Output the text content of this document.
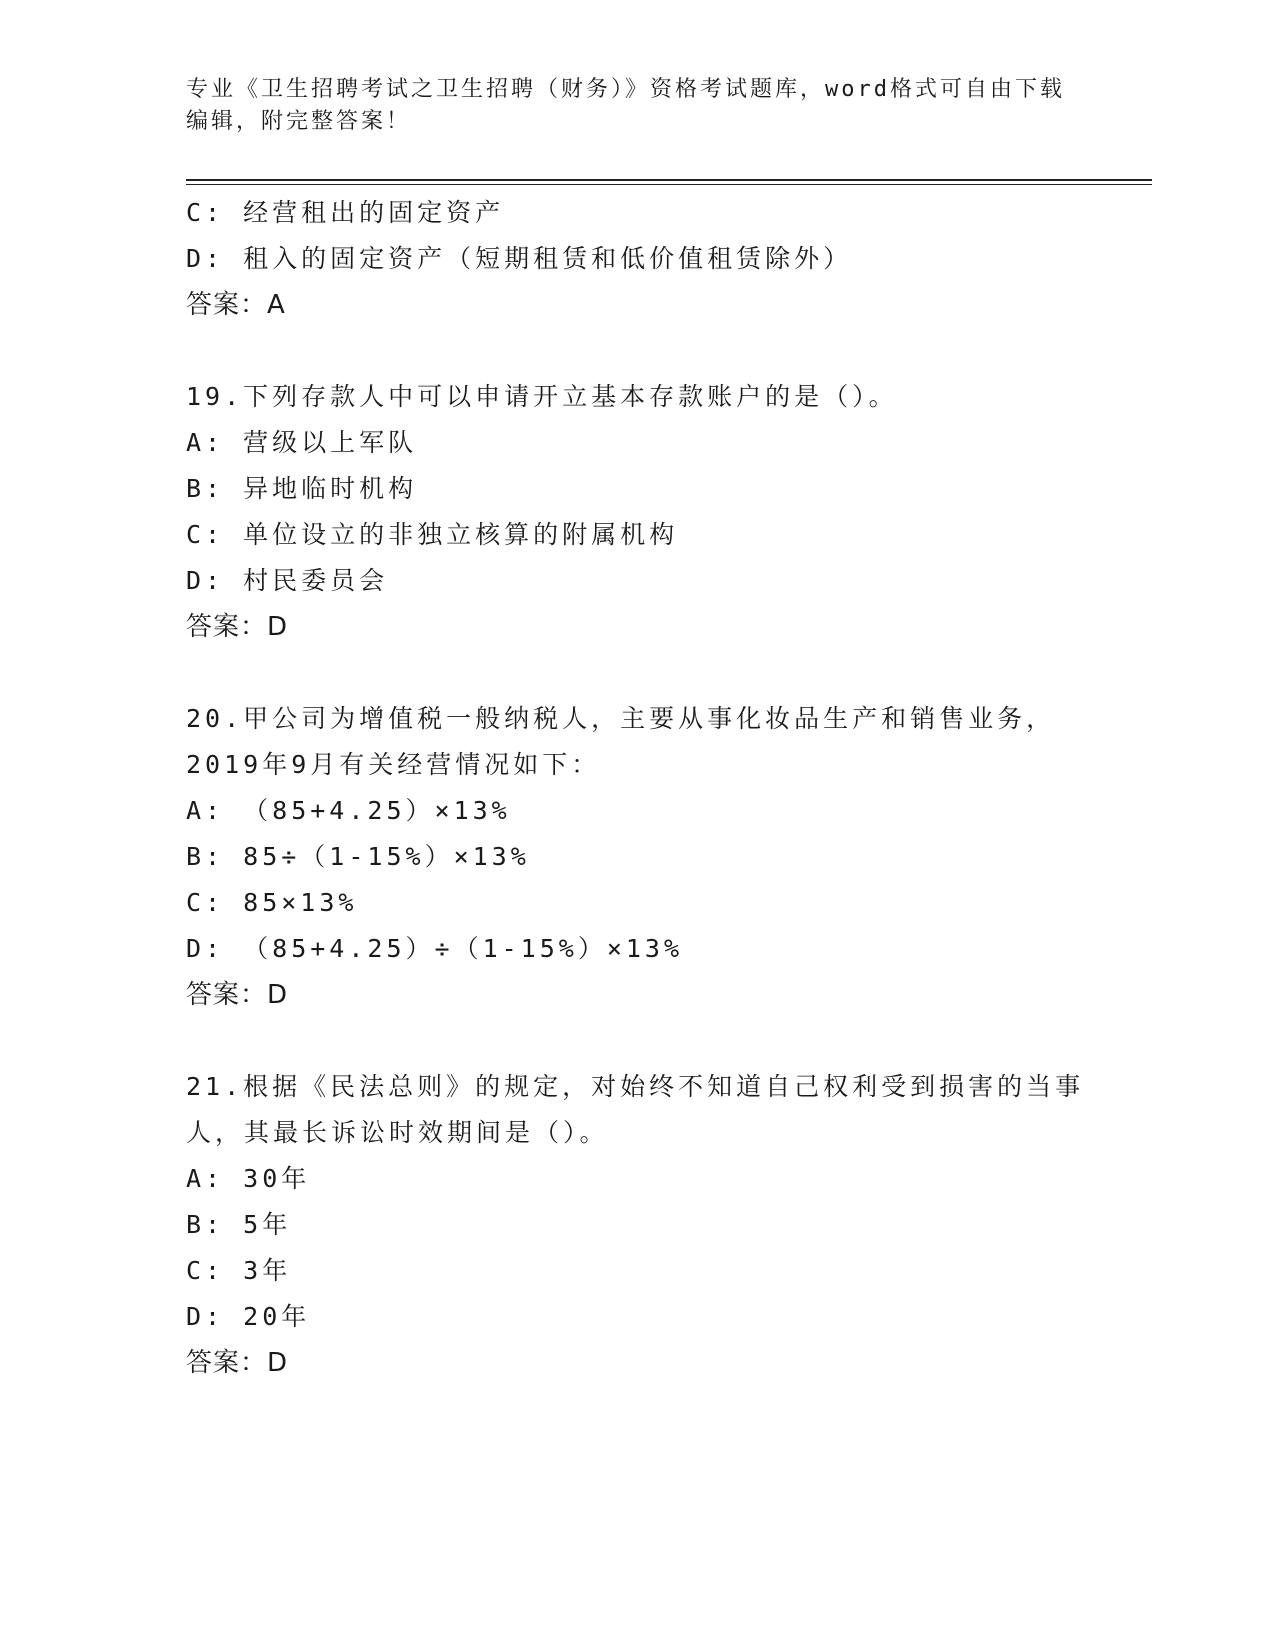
专业《卫生招聘考试之卫生招聘（财务）》资格考试题库，word格式可自由下载
编辑，附完整答案！
C: 经营租出的固定资产
D: 租入的固定资产（短期租赁和低价值租赁除外）
答案：A
19.下列存款人中可以申请开立基本存款账户的是（）。
A: 营级以上军队
B: 异地临时机构
C: 单位设立的非独立核算的附属机构
D: 村民委员会
答案：D
20.甲公司为增值税一般纳税人，主要从事化妆品生产和销售业务，
2019年9月有关经营情况如下：
A: （85+4.25）×13%
B: 85÷（1-15%）×13%
C: 85×13%
D: （85+4.25）÷（1-15%）×13%
答案：D
21.根据《民法总则》的规定，对始终不知道自己权利受到损害的当事
人，其最长诉讼时效期间是（）。
A: 30年
B: 5年
C: 3年
D: 20年
答案：D
